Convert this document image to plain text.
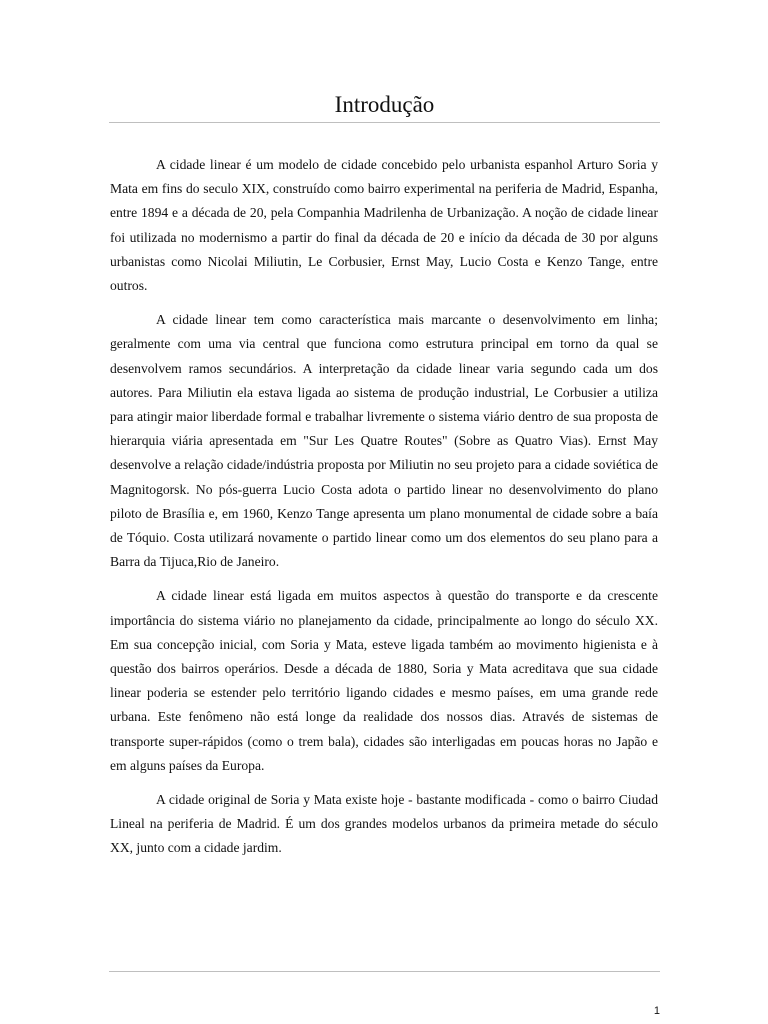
Introdução

A cidade linear é um modelo de cidade concebido pelo urbanista espanhol Arturo Soria y Mata em fins do seculo XIX, construído como bairro experimental na periferia de Madrid, Espanha, entre 1894 e a década de 20, pela Companhia Madrilenha de Urbanização. A noção de cidade linear foi utilizada no modernismo a partir do final da década de 20 e início da década de 30 por alguns urbanistas como Nicolai Miliutin, Le Corbusier, Ernst May, Lucio Costa e Kenzo Tange, entre outros.

A cidade linear tem como característica mais marcante o desenvolvimento em linha; geralmente com uma via central que funciona como estrutura principal em torno da qual se desenvolvem ramos secundários. A interpretação da cidade linear varia segundo cada um dos autores. Para Miliutin ela estava ligada ao sistema de produção industrial, Le Corbusier a utiliza para atingir maior liberdade formal e trabalhar livremente o sistema viário dentro de sua proposta de hierarquia viária apresentada em "Sur Les Quatre Routes" (Sobre as Quatro Vias). Ernst May desenvolve a relação cidade/indústria proposta por Miliutin no seu projeto para a cidade soviética de Magnitogorsk. No pós-guerra Lucio Costa adota o partido linear no desenvolvimento do plano piloto de Brasília e, em 1960, Kenzo Tange apresenta um plano monumental de cidade sobre a baía de Tóquio. Costa utilizará novamente o partido linear como um dos elementos do seu plano para a Barra da Tijuca,Rio de Janeiro.

A cidade linear está ligada em muitos aspectos à questão do transporte e da crescente importância do sistema viário no planejamento da cidade, principalmente ao longo do século XX. Em sua concepção inicial, com Soria y Mata, esteve ligada também ao movimento higienista e à questão dos bairros operários. Desde a década de 1880, Soria y Mata acreditava que sua cidade linear poderia se estender pelo território ligando cidades e mesmo países, em uma grande rede urbana. Este fenômeno não está longe da realidade dos nossos dias. Através de sistemas de transporte super-rápidos (como o trem bala), cidades são interligadas em poucas horas no Japão e em alguns países da Europa.

A cidade original de Soria y Mata existe hoje - bastante modificada - como o bairro Ciudad Lineal na periferia de Madrid. É um dos grandes modelos urbanos da primeira metade do século XX, junto com a cidade jardim.

1
